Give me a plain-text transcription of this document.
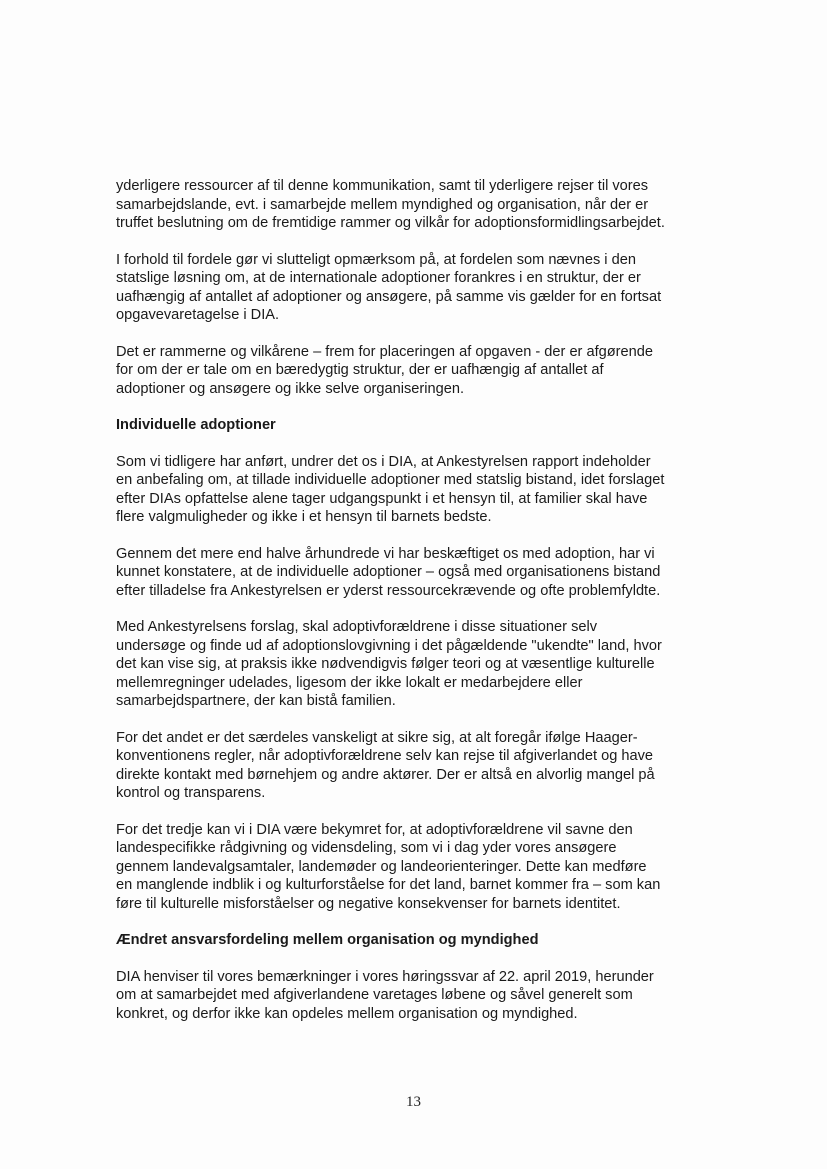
yderligere ressourcer af til denne kommunikation, samt til yderligere rejser til vores
samarbejdslande, evt. i samarbejde mellem myndighed og organisation, når der er
truffet beslutning om de fremtidige rammer og vilkår for adoptionsformidlingsarbejdet.
I forhold til fordele gør vi slutteligt opmærksom på, at fordelen som nævnes i den
statslige løsning om, at de internationale adoptioner forankres i en struktur, der er
uafhængig af antallet af adoptioner og ansøgere, på samme vis gælder for en fortsat
opgavevaretagelse i DIA.
Det er rammerne og vilkårene – frem for placeringen af opgaven - der er afgørende
for om der er tale om en bæredygtig struktur, der er uafhængig af antallet af
adoptioner og ansøgere og ikke selve organiseringen.
Individuelle adoptioner
Som vi tidligere har anført, undrer det os i DIA, at Ankestyrelsen rapport indeholder
en anbefaling om, at tillade individuelle adoptioner med statslig bistand, idet forslaget
efter DIAs opfattelse alene tager udgangspunkt i et hensyn til, at familier skal have
flere valgmuligheder og ikke i et hensyn til barnets bedste.
Gennem det mere end halve århundrede vi har beskæftiget os med adoption, har vi
kunnet konstatere, at de individuelle adoptioner – også med organisationens bistand
efter tilladelse fra Ankestyrelsen er yderst ressourcekrævende og ofte problemfyldte.
Med Ankestyrelsens forslag, skal adoptivforældrene i disse situationer selv
undersøge og finde ud af adoptionslovgivning i det pågældende "ukendte" land, hvor
det kan vise sig, at praksis ikke nødvendigvis følger teori og at væsentlige kulturelle
mellemregninger udelades, ligesom der ikke lokalt er medarbejdere eller
samarbejdspartnere, der kan bistå familien.
For det andet er det særdeles vanskeligt at sikre sig, at alt foregår ifølge Haager-
konventionens regler, når adoptivforældrene selv kan rejse til afgiverlandet og have
direkte kontakt med børnehjem og andre aktører. Der er altså en alvorlig mangel på
kontrol og transparens.
For det tredje kan vi i DIA være bekymret for, at adoptivforældrene vil savne den
landespecifikke rådgivning og vidensdeling, som vi i dag yder vores ansøgere
gennem landevalgsamtaler, landemøder og landeorienteringer. Dette kan medføre
en manglende indblik i og kulturforståelse for det land, barnet kommer fra – som kan
føre til kulturelle misforståelser og negative konsekvenser for barnets identitet.
Ændret ansvarsfordeling mellem organisation og myndighed
DIA henviser til vores bemærkninger i vores høringssvar af 22. april 2019, herunder
om at samarbejdet med afgiverlandene varetages løbene og såvel generelt som
konkret, og derfor ikke kan opdeles mellem organisation og myndighed.
13
